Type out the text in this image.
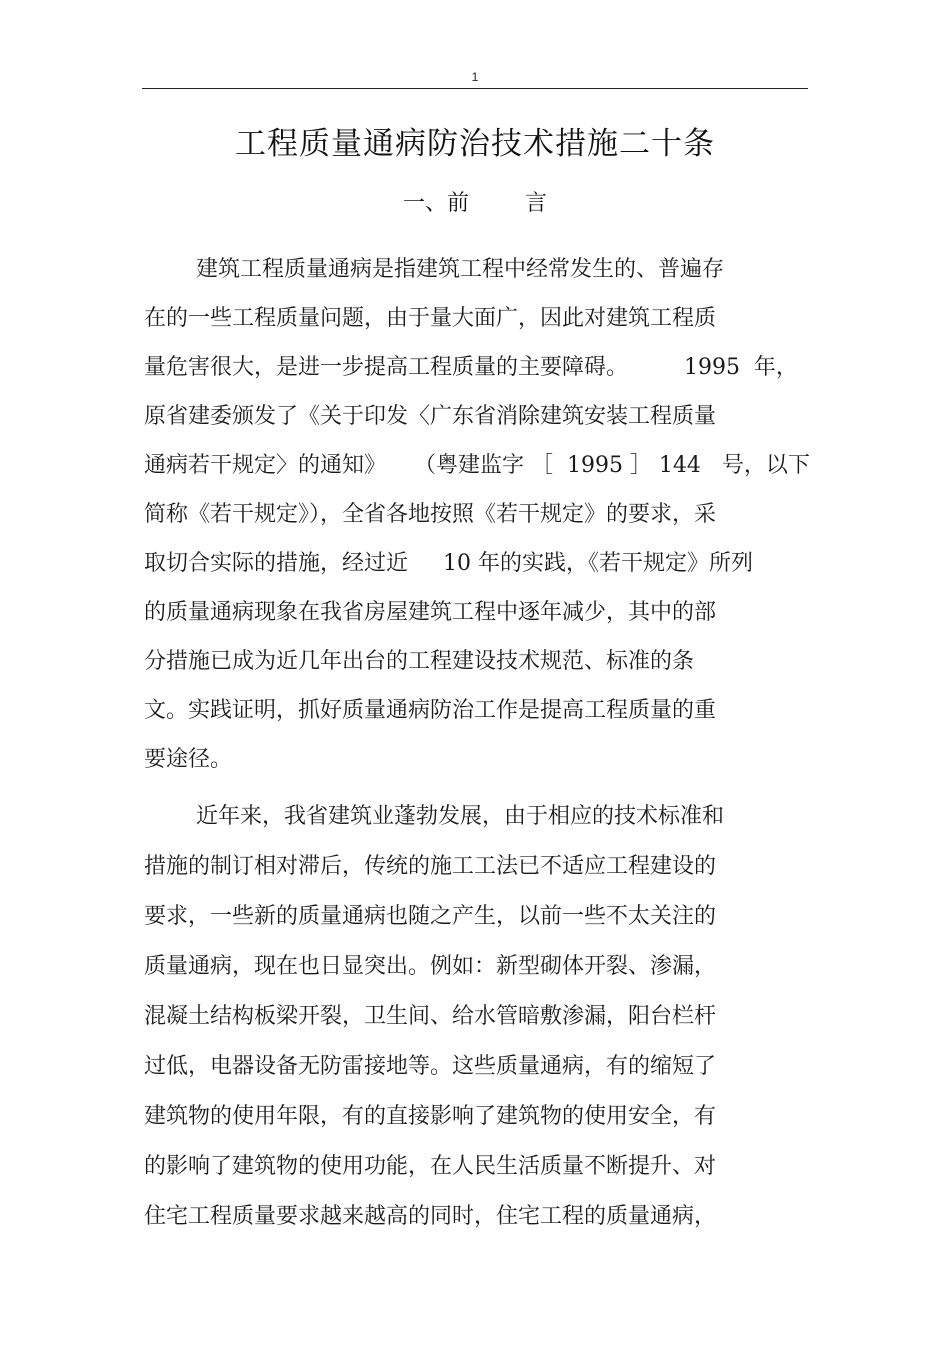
1
工程质量通病防治技术措施二十条
一、前	言
建筑工程质量通病是指建筑工程中经常发生的、普遍存
在的一些工程质量问题，由于量大面广，因此对建筑工程质
量危害很大，是进一步提高工程质量的主要障碍。        1995  年，
原省建委颁发了《关于印发〈广东省消除建筑安装工程质量
通病若干规定〉的通知》    （粤建监字 ［  1995 ］ 144   号，以下
简称《若干规定》），全省各地按照《若干规定》的要求，采
取切合实际的措施，经过近     10 年的实践，《若干规定》所列
的质量通病现象在我省房屋建筑工程中逐年减少，其中的部
分措施已成为近几年出台的工程建设技术规范、标准的条
文。实践证明，抓好质量通病防治工作是提高工程质量的重
要途径。
近年来，我省建筑业蓬勃发展，由于相应的技术标准和
措施的制订相对滞后，传统的施工工法已不适应工程建设的
要求，一些新的质量通病也随之产生，以前一些不太关注的
质量通病，现在也日显突出。例如：新型砌体开裂、渗漏，
混凝土结构板梁开裂，卫生间、给水管暗敷渗漏，阳台栏杆
过低，电器设备无防雷接地等。这些质量通病，有的缩短了
建筑物的使用年限，有的直接影响了建筑物的使用安全，有
的影响了建筑物的使用功能，在人民生活质量不断提升、对
住宅工程质量要求越来越高的同时，住宅工程的质量通病，
